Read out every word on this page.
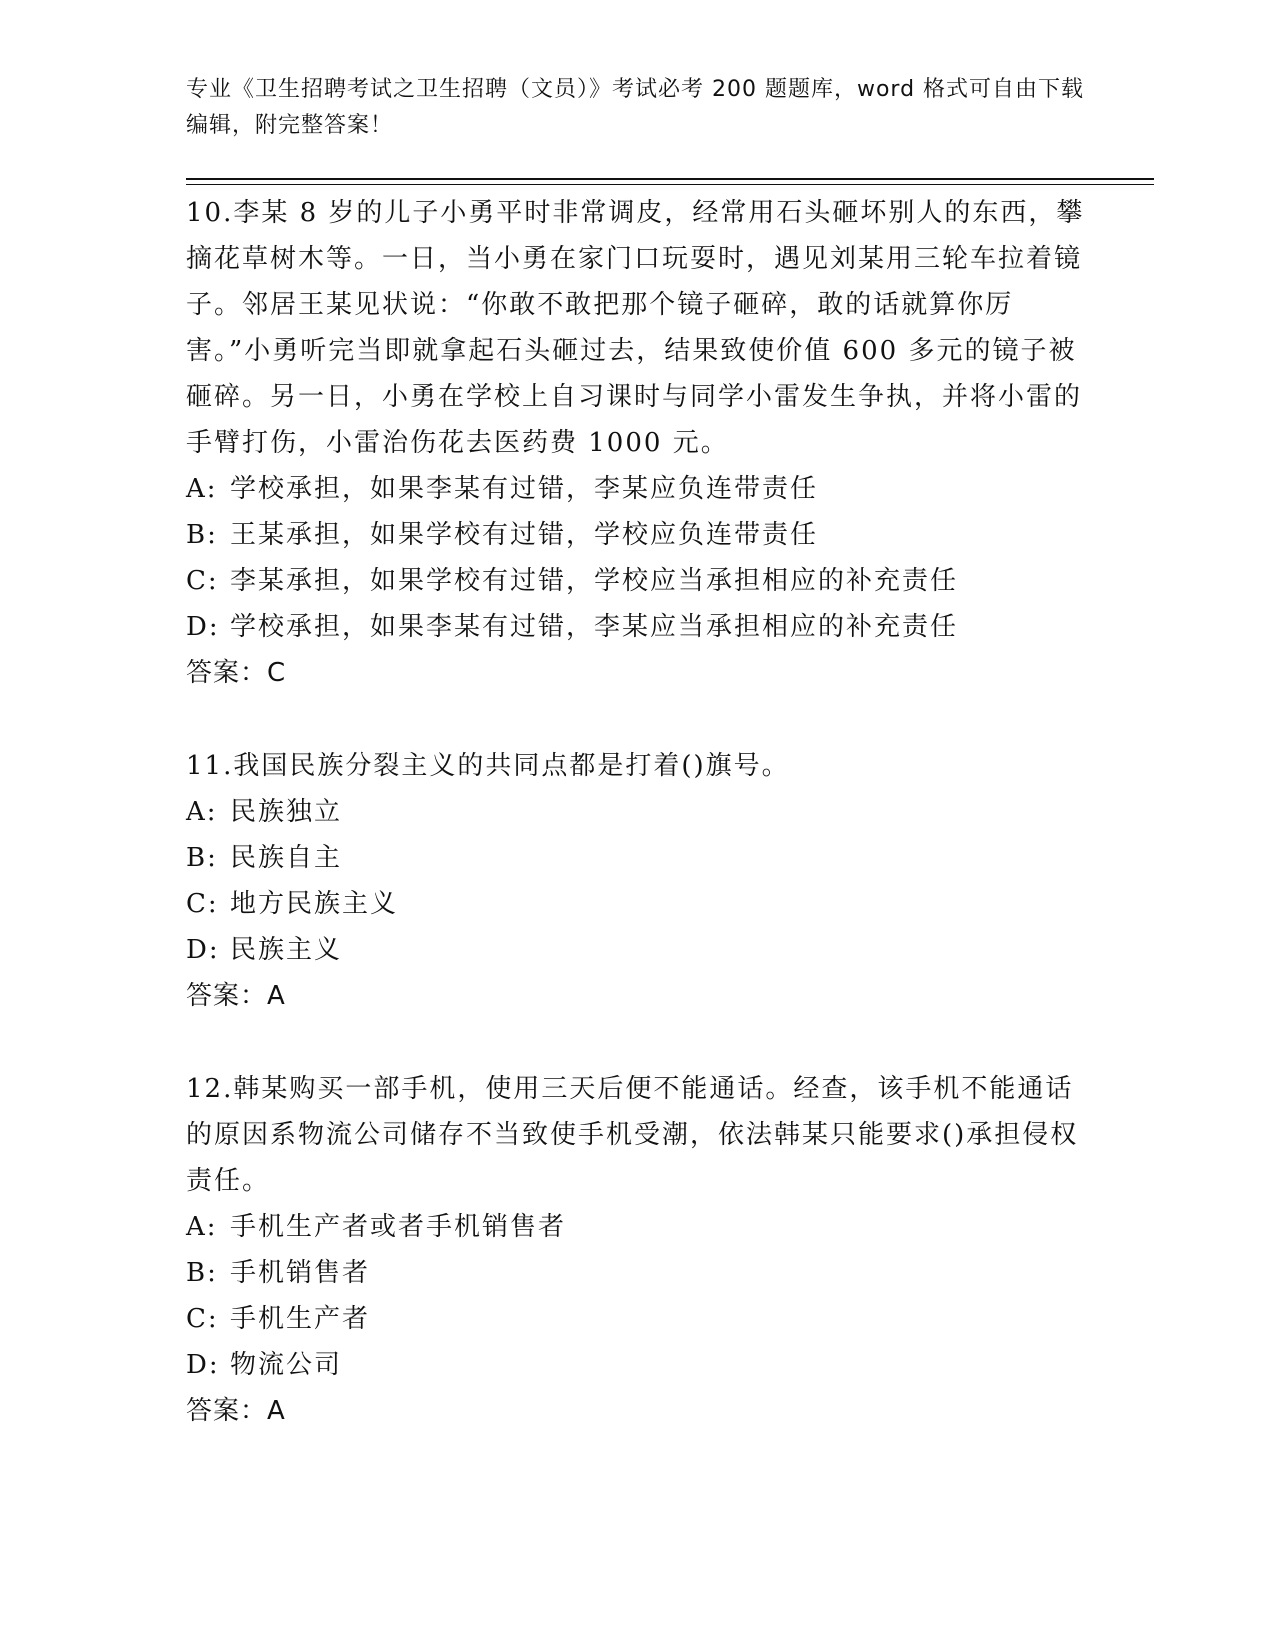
专业《卫生招聘考试之卫生招聘（文员）》考试必考 200 题题库，word 格式可自由下载编辑，附完整答案！

10.李某 8 岁的儿子小勇平时非常调皮，经常用石头砸坏别人的东西，攀摘花草树木等。一日，当小勇在家门口玩耍时，遇见刘某用三轮车拉着镜子。邻居王某见状说：“你敢不敢把那个镜子砸碎，敢的话就算你厉害。”小勇听完当即就拿起石头砸过去，结果致使价值 600 多元的镜子被砸碎。另一日，小勇在学校上自习课时与同学小雷发生争执，并将小雷的手臂打伤，小雷治伤花去医药费 1000 元。

A: 学校承担，如果李某有过错，李某应负连带责任

B: 王某承担，如果学校有过错，学校应负连带责任

C: 李某承担，如果学校有过错，学校应当承担相应的补充责任

D: 学校承担，如果李某有过错，李某应当承担相应的补充责任

答案：C

11.我国民族分裂主义的共同点都是打着()旗号。

A: 民族独立

B: 民族自主

C: 地方民族主义

D: 民族主义

答案：A

12.韩某购买一部手机，使用三天后便不能通话。经查，该手机不能通话的原因系物流公司储存不当致使手机受潮，依法韩某只能要求()承担侵权责任。

A: 手机生产者或者手机销售者

B: 手机销售者

C: 手机生产者

D: 物流公司

答案：A
